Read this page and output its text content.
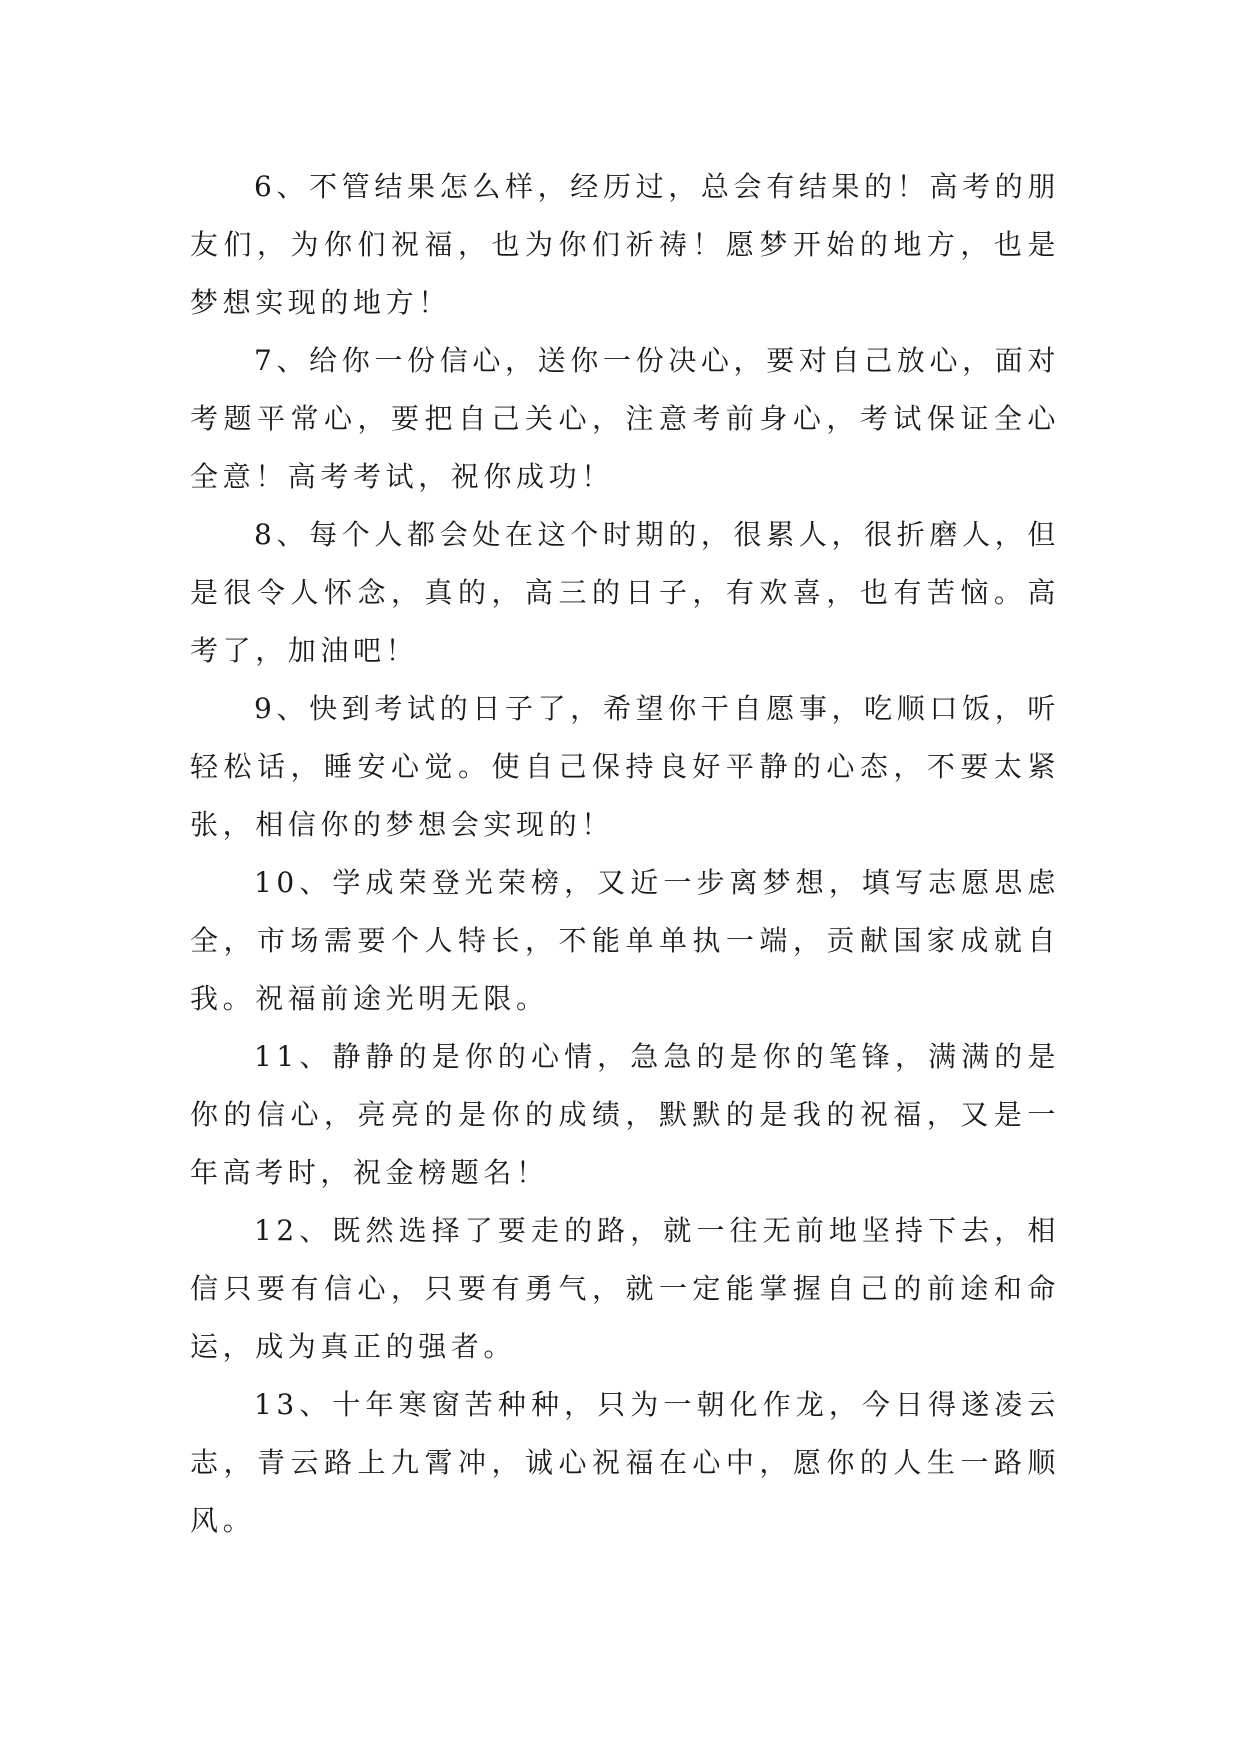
6、不管结果怎么样，经历过，总会有结果的！高考的朋友们，为你们祝福，也为你们祈祷！愿梦开始的地方，也是梦想实现的地方！

7、给你一份信心，送你一份决心，要对自己放心，面对考题平常心，要把自己关心，注意考前身心，考试保证全心全意！高考考试，祝你成功！

8、每个人都会处在这个时期的，很累人，很折磨人，但是很令人怀念，真的，高三的日子，有欢喜，也有苦恼。高考了，加油吧！

9、快到考试的日子了，希望你干自愿事，吃顺口饭，听轻松话，睡安心觉。使自己保持良好平静的心态，不要太紧张，相信你的梦想会实现的！

10、学成荣登光荣榜，又近一步离梦想，填写志愿思虑全，市场需要个人特长，不能单单执一端，贡献国家成就自我。祝福前途光明无限。

11、静静的是你的心情，急急的是你的笔锋，满满的是你的信心，亮亮的是你的成绩，默默的是我的祝福，又是一年高考时，祝金榜题名！

12、既然选择了要走的路，就一往无前地坚持下去，相信只要有信心，只要有勇气，就一定能掌握自己的前途和命运，成为真正的强者。

13、十年寒窗苦种种，只为一朝化作龙，今日得遂凌云志，青云路上九霄冲，诚心祝福在心中，愿你的人生一路顺风。
